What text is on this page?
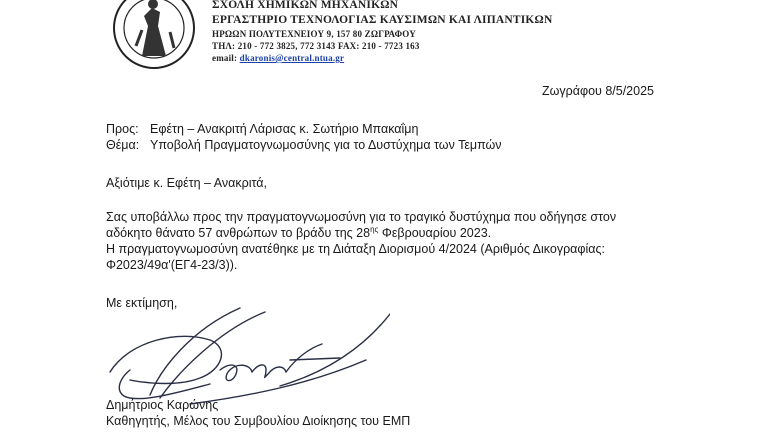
ΣΧΟΛΗ ΧΗΜΙΚΩΝ ΜΗΧΑΝΙΚΩΝ
ΕΡΓΑΣΤΗΡΙΟ ΤΕΧΝΟΛΟΓΙΑΣ ΚΑΥΣΙΜΩΝ ΚΑΙ ΛΙΠΑΝΤΙΚΩΝ
ΗΡΩΩΝ ΠΟΛΥΤΕΧΝΕΙΟΥ 9, 157 80 ΖΩΓΡΑΦΟΥ
ΤΗΛ: 210 - 772 3825, 772 3143 FAX: 210 - 7723 163
email: dkaronis@central.ntua.gr
Ζωγράφου 8/5/2025
Προς: Εφέτη – Ανακριτή Λάρισας κ. Σωτήριο Μπακαΐμη
Θέμα: Υποβολή Πραγματογνωμοσύνης για το Δυστύχημα των Τεμπών
Αξιότιμε κ. Εφέτη – Ανακριτά,
Σας υποβάλλω προς την πραγματογνωμοσύνη για το τραγικό δυστύχημα που οδήγησε στον
αδόκητο θάνατο 57 ανθρώπων το βράδυ της $28^{\eta\varsigma}$ Φεβρουαρίου 2023.
Η πραγματογνωμοσύνη ανατέθηκε με τη Διάταξη Διορισμού 4/2024 (Αριθμός Δικογραφίας:
Φ2023/49α'(ΕΓ4-23/3)).
Με εκτίμηση,
Δημήτριος Καρώνης
Καθηγητής, Μέλος του Συμβουλίου Διοίκησης του ΕΜΠ
